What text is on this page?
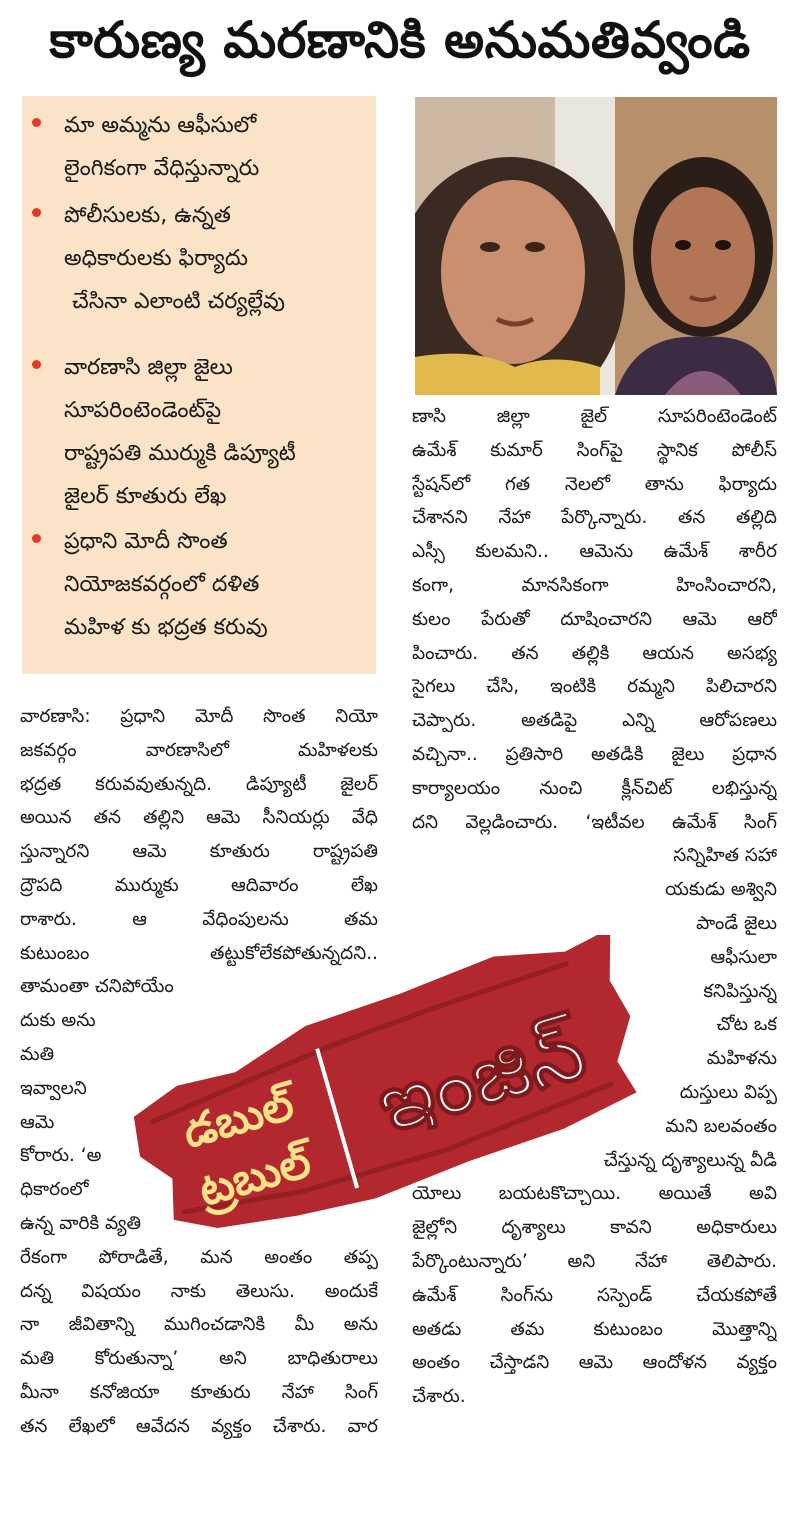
కారుణ్య మరణానికి అనుమతివ్వండి
మా అమ్మను ఆఫీసులో
లైంగికంగా వేధిస్తున్నారు
పోలీసులకు, ఉన్నత
అధికారులకు ఫిర్యాదు
చేసినా ఎలాంటి చర్యల్లేవు
వారణాసి జిల్లా జైలు
సూపరింటెండెంట్‌పై
రాష్ట్రపతి ముర్ముకి డిప్యూటీ
జైలర్ కూతురు లేఖ
ప్రధాని మోదీ సొంత
నియోజకవర్గంలో దళిత
మహిళ కు భద్రత కరువు
వారణాసి: ప్రధాని మోదీ సొంత నియో
జకవర్గం వారణాసిలో మహిళలకు
భద్రత కరువవుతున్నది. డిప్యూటీ జైలర్
అయిన తన తల్లిని ఆమె సీనియర్లు వేధి
స్తున్నారని ఆమె కూతురు రాష్ట్రపతి
ద్రౌపది ముర్ముకు ఆదివారం లేఖ
రాశారు. ఆ వేధింపులను తమ
కుటుంబం తట్టుకోలేకపోతున్నదని..
తామంతా చనిపోయేం
దుకు అను
మతి
ఇవ్వాలని
ఆమె
కోరారు. ‘అ
ధికారంలో
ఉన్న వారికి వ్యతి
రేకంగా పోరాడితే, మన అంతం తప్ప
దన్న విషయం నాకు తెలుసు. అందుకే
నా జీవితాన్ని ముగించడానికి మీ అను
మతి కోరుతున్నా’ అని బాధితురాలు
మీనా కనోజియా కూతురు నేహా సింగ్
తన లేఖలో ఆవేదన వ్యక్తం చేశారు. వార
ణాసి జిల్లా జైల్ సూపరింటెండెంట్
ఉమేశ్ కుమార్ సింగ్‌పై స్థానిక పోలీస్
స్టేషన్‌లో గత నెలలో తాను ఫిర్యాదు
చేశానని నేహా పేర్కొన్నారు. తన తల్లిది
ఎస్సీ కులమని.. ఆమెను ఉమేశ్ శారీర
కంగా, మానసికంగా హింసించారని,
కులం పేరుతో దూషించారని ఆమె ఆరో
పించారు. తన తల్లికి ఆయన అసభ్య
సైగలు చేసి, ఇంటికి రమ్మని పిలిచారని
చెప్పారు. అతడిపై ఎన్ని ఆరోపణలు
వచ్చినా.. ప్రతిసారి అతడికి జైలు ప్రధాన
కార్యాలయం నుంచి క్లీన్‌చిట్ లభిస్తున్న
దని వెల్లడించారు. ‘ఇటీవల ఉమేశ్ సింగ్
సన్నిహిత సహా
యకుడు అశ్విని
పాండే జైలు
ఆఫీసులా
కనిపిస్తున్న
చోట ఒక
మహిళను
దుస్తులు విప్ప
మని బలవంతం
చేస్తున్న దృశ్యాలున్న వీడి
యోలు బయటకొచ్చాయి. అయితే అవి
జైల్లోని దృశ్యాలు కావని అధికారులు
పేర్కొంటున్నారు’ అని నేహా తెలిపారు.
ఉమేశ్ సింగ్‌ను సస్పెండ్ చేయకపోతే
అతడు తమ కుటుంబం మొత్తాన్ని
అంతం చేస్తాడని ఆమె ఆందోళన వ్యక్తం
చేశారు.
డబుల్
ట్రబుల్
ఇంజిన్
